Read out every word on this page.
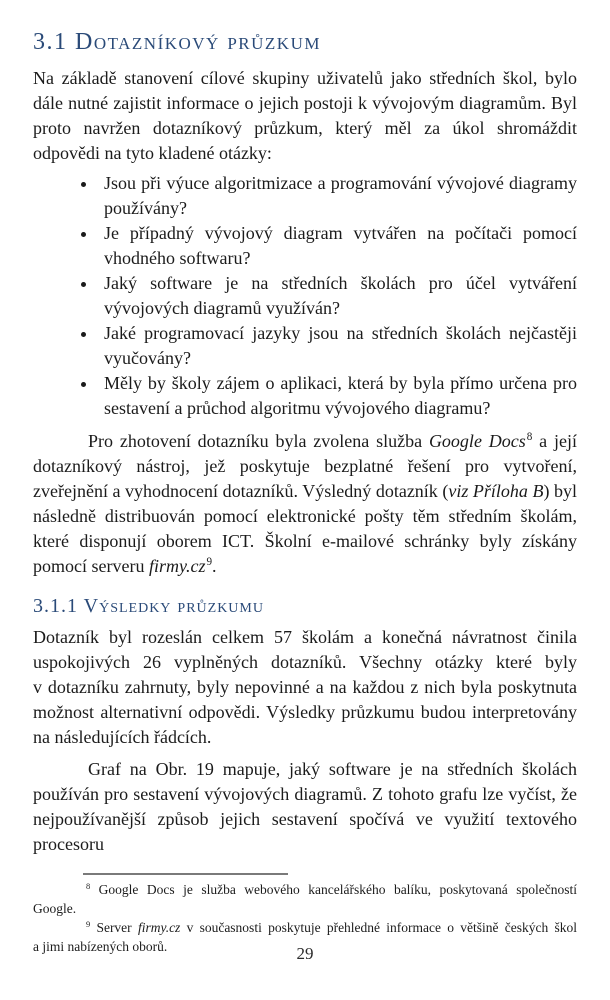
3.1 Dotazníkový průzkum

Na základě stanovení cílové skupiny uživatelů jako středních škol, bylo dále nutné zajistit informace o jejich postoji k vývojovým diagramům. Byl proto navržen dotazníkový průzkum, který měl za úkol shromáždit odpovědi na tyto kladené otázky:

• Jsou při výuce algoritmizace a programování vývojové diagramy používány?
• Je případný vývojový diagram vytvářen na počítači pomocí vhodného softwaru?
• Jaký software je na středních školách pro účel vytváření vývojových diagramů využíván?
• Jaké programovací jazyky jsou na středních školách nejčastěji vyučovány?
• Měly by školy zájem o aplikaci, která by byla přímo určena pro sestavení a průchod algoritmu vývojového diagramu?

Pro zhotovení dotazníku byla zvolena služba Google Docs$^8$ a její dotazníkový nástroj, jež poskytuje bezplatné řešení pro vytvoření, zveřejnění a vyhodnocení dotazníků. Výsledný dotazník (viz Příloha B) byl následně distribuován pomocí elektronické pošty těm středním školám, které disponují oborem ICT. Školní e-mailové schránky byly získány pomocí serveru $firmy.cz^9$.

3.1.1 Výsledky průzkumu

Dotazník byl rozeslán celkem 57 školám a konečná návratnost činila uspokojivých 26 vyplněných dotazníků. Všechny otázky které byly v dotazníku zahrnuty, byly nepovinné a na každou z nich byla poskytnuta možnost alternativní odpovědi. Výsledky průzkumu budou interpretovány na následujících řádcích.

Graf na Obr. 19 mapuje, jaký software je na středních školách používán pro sestavení vývojových diagramů. Z tohoto grafu lze vyčíst, že nejpoužívanější způsob jejich sestavení spočívá ve využití textového procesoru

$^8$ Google Docs je služba webového kancelářského balíku, poskytovaná společností Google.

$^9$ Server firmy.cz v současnosti poskytuje přehledné informace o většině českých škol a jimi nabízených oborů.	29
